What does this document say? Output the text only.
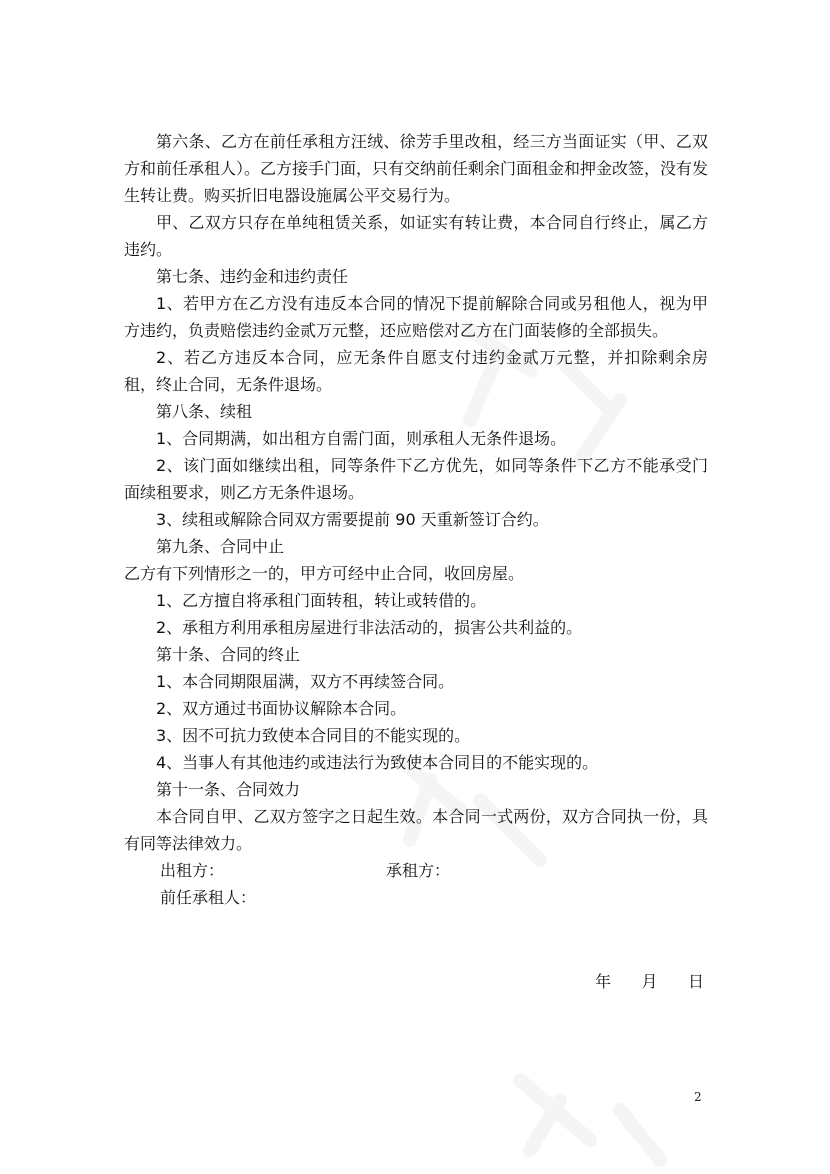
第六条、乙方在前任承租方汪绒、徐芳手里改租，经三方当面证实（甲、乙双方和前任承租人）。乙方接手门面，只有交纳前任剩余门面租金和押金改签，没有发生转让费。购买折旧电器设施属公平交易行为。

甲、乙双方只存在单纯租赁关系，如证实有转让费，本合同自行终止，属乙方违约。

第七条、违约金和违约责任

1、若甲方在乙方没有违反本合同的情况下提前解除合同或另租他人，视为甲方违约，负责赔偿违约金贰万元整，还应赔偿对乙方在门面装修的全部损失。

2、若乙方违反本合同，应无条件自愿支付违约金贰万元整，并扣除剩余房租，终止合同，无条件退场。

第八条、续租

1、合同期满，如出租方自需门面，则承租人无条件退场。

2、该门面如继续出租，同等条件下乙方优先，如同等条件下乙方不能承受门面续租要求，则乙方无条件退场。

3、续租或解除合同双方需要提前 90 天重新签订合约。

第九条、合同中止

乙方有下列情形之一的，甲方可经中止合同，收回房屋。

1、乙方擅自将承租门面转租，转让或转借的。

2、承租方利用承租房屋进行非法活动的，损害公共利益的。

第十条、合同的终止

1、本合同期限届满，双方不再续签合同。

2、双方通过书面协议解除本合同。

3、因不可抗力致使本合同目的不能实现的。

4、当事人有其他违约或违法行为致使本合同目的不能实现的。

第十一条、合同效力

本合同自甲、乙双方签字之日起生效。本合同一式两份，双方合同执一份，具有同等法律效力。

出租方：	承租方：
前任承租人：
年      月      日
2
